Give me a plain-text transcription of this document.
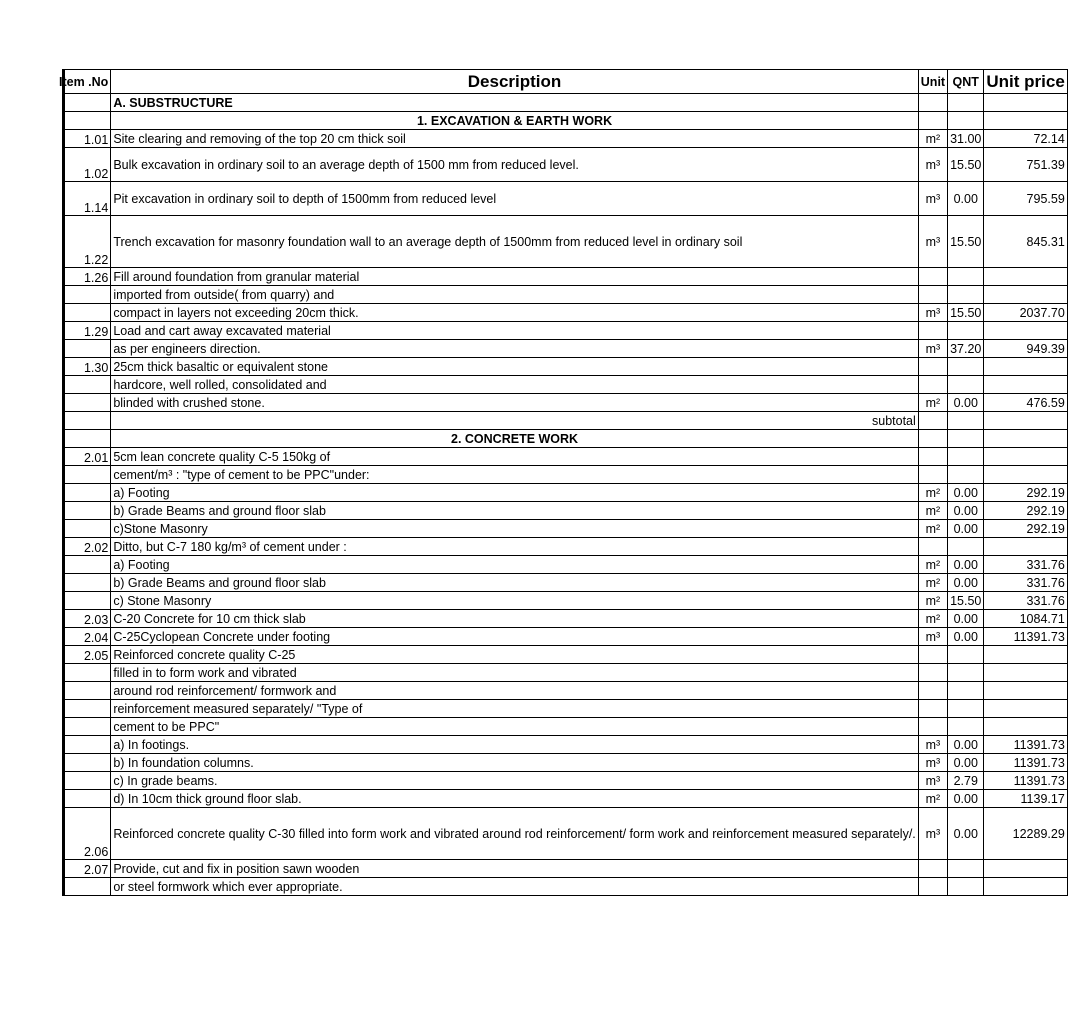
Item .No	Description	Unit	QNT	Unit price
	A. SUBSTRUCTURE			
	1. EXCAVATION & EARTH WORK			
1.01	Site clearing and removing of the top 20 cm thick soil	m²	31.00	72.14
1.02	Bulk excavation in ordinary soil to an average depth of 1500 mm from reduced level.	m³	15.50	751.39
1.14	Pit excavation in ordinary soil to depth of 1500mm from reduced level	m³	0.00	795.59
1.22	Trench excavation for masonry foundation wall to an average depth of 1500mm from reduced level in ordinary soil	m³	15.50	845.31
1.26	Fill around foundation from granular material			
	imported from outside( from quarry) and			
	compact in layers not exceeding 20cm thick.	m³	15.50	2037.70
1.29	Load and cart away excavated material			
	as per engineers direction.	m³	37.20	949.39
1.30	25cm thick basaltic or equivalent stone			
	hardcore, well rolled, consolidated and			
	blinded with crushed stone.	m²	0.00	476.59
	subtotal			
	2. CONCRETE WORK			
2.01	5cm lean concrete quality C-5 150kg of			
	cement/m³ : "type of cement to be PPC"under:			
	a) Footing	m²	0.00	292.19
	b) Grade Beams and ground floor slab	m²	0.00	292.19
	c)Stone Masonry	m²	0.00	292.19
2.02	Ditto, but C-7 180 kg/m³ of cement under :			
	a) Footing	m²	0.00	331.76
	b) Grade Beams and ground floor slab	m²	0.00	331.76
	c) Stone Masonry	m²	15.50	331.76
2.03	C-20 Concrete for 10 cm thick slab	m²	0.00	1084.71
2.04	C-25Cyclopean Concrete under footing	m³	0.00	11391.73
2.05	Reinforced concrete quality C-25			
	filled in to form work and vibrated			
	around rod reinforcement/ formwork and			
	reinforcement measured separately/ "Type of			
	cement to be PPC"			
	a) In footings.	m³	0.00	11391.73
	b) In foundation columns.	m³	0.00	11391.73
	c) In grade beams.	m³	2.79	11391.73
	d) In 10cm thick ground floor slab.	m²	0.00	1139.17
2.06	Reinforced concrete quality C-30 filled into form work and vibrated around rod reinforcement/ form work and reinforcement measured separately/.	m³	0.00	12289.29
2.07	Provide, cut and fix in position sawn wooden			
	or steel formwork which ever appropriate.			
